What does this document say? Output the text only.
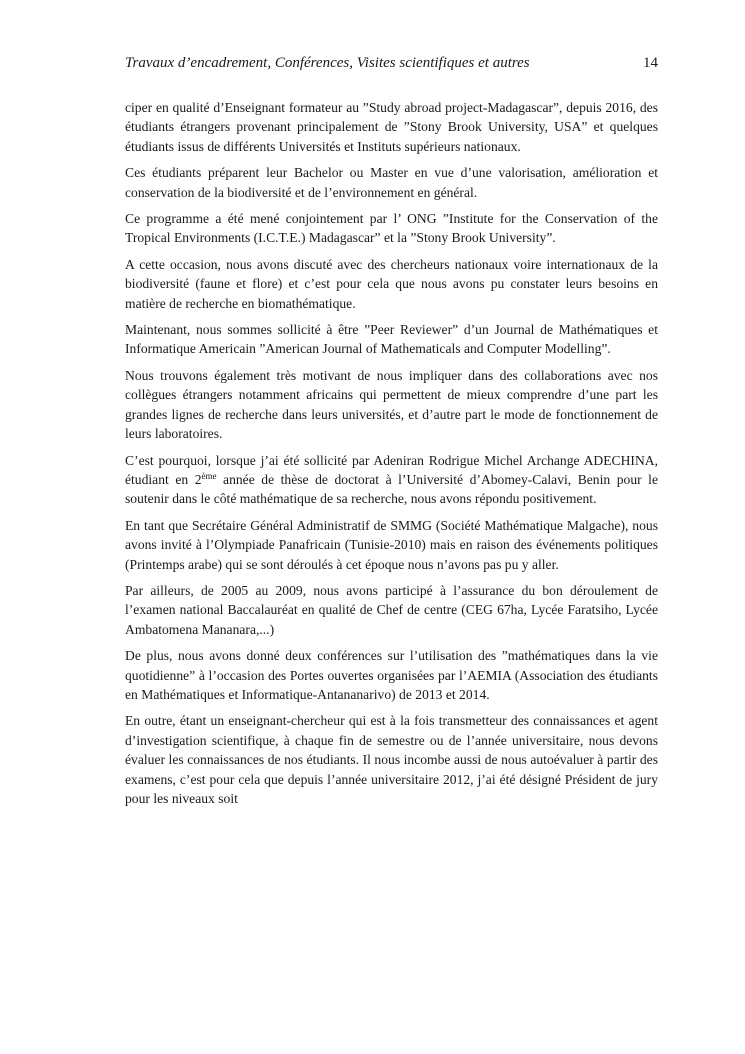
Travaux d’encadrement, Conférences, Visites scientifiques et autres	14

ciper en qualité d’Enseignant formateur au ”Study abroad project-Madagascar”, depuis 2016, des étudiants étrangers provenant principalement de ”Stony Brook University, USA” et quelques étudiants issus de différents Universités et Instituts supérieurs nationaux.

Ces étudiants préparent leur Bachelor ou Master en vue d’une valorisation, amélioration et conservation de la biodiversité et de l’environnement en général.

Ce programme a été mené conjointement par l’ ONG ”Institute for the Conservation of the Tropical Environments (I.C.T.E.) Madagascar” et la ”Stony Brook University”.

A cette occasion, nous avons discuté avec des chercheurs nationaux voire internationaux de la biodiversité (faune et flore) et c’est pour cela que nous avons pu constater leurs besoins en matière de recherche en biomathématique.

Maintenant, nous sommes sollicité à être ”Peer Reviewer” d’un Journal de Mathématiques et Informatique Americain ”American Journal of Mathematicals and Computer Modelling”.

Nous trouvons également très motivant de nous impliquer dans des collaborations avec nos collègues étrangers notamment africains qui permettent de mieux comprendre d’une part les grandes lignes de recherche dans leurs universités, et d’autre part le mode de fonctionnement de leurs laboratoires.

C’est pourquoi, lorsque j’ai été sollicité par Adeniran Rodrigue Michel Archange ADECHINA, étudiant en 2ème année de thèse de doctorat à l’Université d’Abomey-Calavi, Benin pour le soutenir dans le côté mathématique de sa recherche, nous avons répondu positivement.

En tant que Secrétaire Général Administratif de SMMG (Société Mathématique Malgache), nous avons invité à l’Olympiade Panafricain (Tunisie-2010) mais en raison des événements politiques (Printemps arabe) qui se sont déroulés à cet époque nous n’avons pas pu y aller.

Par ailleurs, de 2005 au 2009, nous avons participé à l’assurance du bon déroulement de l’examen national Baccalauréat en qualité de Chef de centre (CEG 67ha, Lycée Faratsiho, Lycée Ambatomena Mananara,...)

De plus, nous avons donné deux conférences sur l’utilisation des ”mathématiques dans la vie quotidienne” à l’occasion des Portes ouvertes organisées par l’AEMIA (Association des étudiants en Mathématiques et Informatique-Antananarivo) de 2013 et 2014.

En outre, étant un enseignant-chercheur qui est à la fois transmetteur des connaissances et agent d’investigation scientifique, à chaque fin de semestre ou de l’année universitaire, nous devons évaluer les connaissances de nos étudiants. Il nous incombe aussi de nous autoévaluer à partir des examens, c’est pour cela que depuis l’année universitaire 2012, j’ai été désigné Président de jury pour les niveaux soit
